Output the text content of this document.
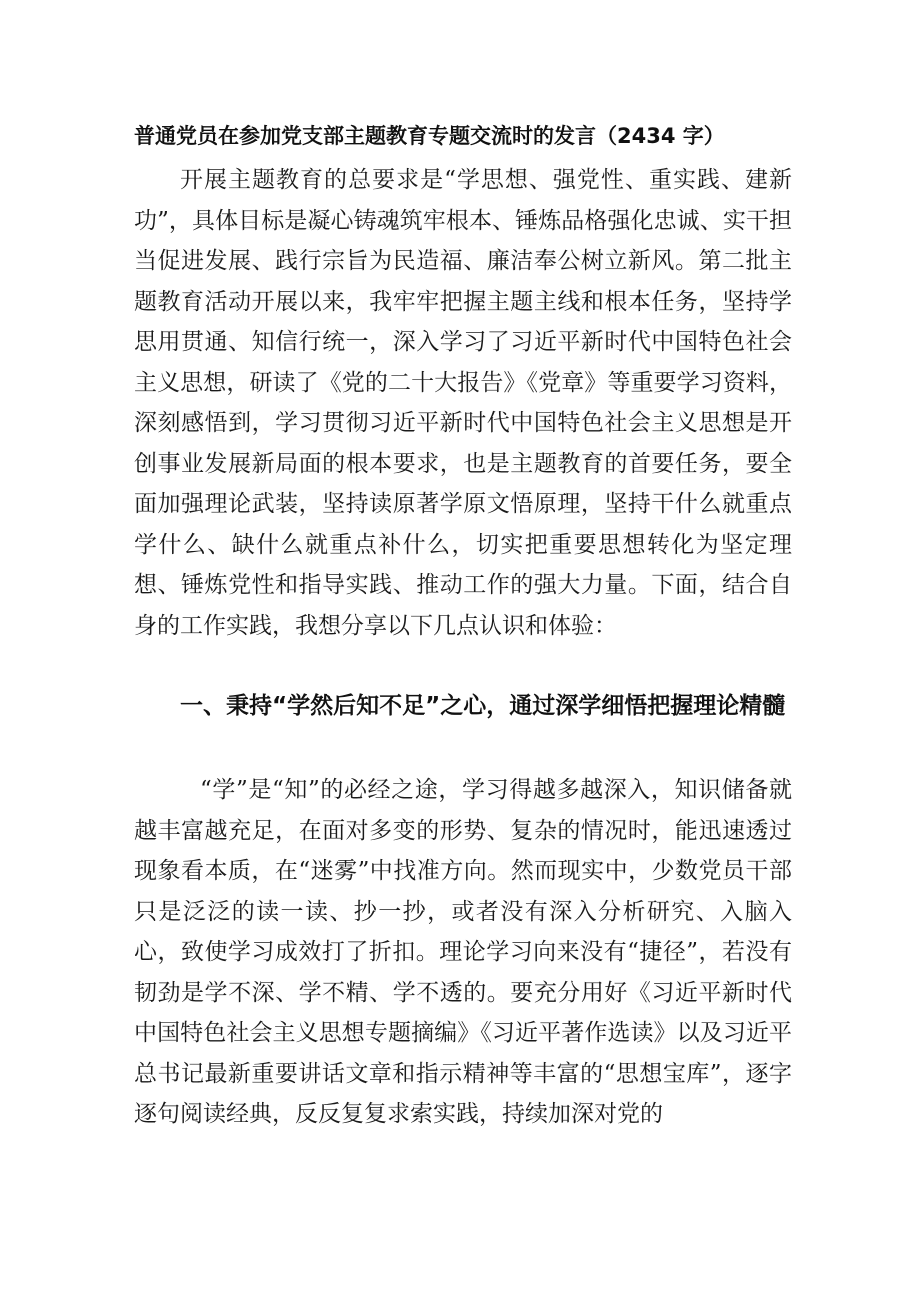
普通党员在参加党支部主题教育专题交流时的发言（2434 字）

开展主题教育的总要求是“学思想、强党性、重实践、建新功”，具体目标是凝心铸魂筑牢根本、锤炼品格强化忠诚、实干担当促进发展、践行宗旨为民造福、廉洁奉公树立新风。第二批主题教育活动开展以来，我牢牢把握主题主线和根本任务，坚持学思用贯通、知信行统一，深入学习了习近平新时代中国特色社会主义思想，研读了《党的二十大报告》《党章》等重要学习资料，深刻感悟到，学习贯彻习近平新时代中国特色社会主义思想是开创事业发展新局面的根本要求，也是主题教育的首要任务，要全面加强理论武装，坚持读原著学原文悟原理，坚持干什么就重点学什么、缺什么就重点补什么，切实把重要思想转化为坚定理想、锤炼党性和指导实践、推动工作的强大力量。下面，结合自身的工作实践，我想分享以下几点认识和体验：

一、秉持“学然后知不足”之心，通过深学细悟把握理论精髓

“学”是“知”的必经之途，学习得越多越深入，知识储备就越丰富越充足，在面对多变的形势、复杂的情况时，能迅速透过现象看本质，在“迷雾”中找准方向。然而现实中，少数党员干部只是泛泛的读一读、抄一抄，或者没有深入分析研究、入脑入心，致使学习成效打了折扣。理论学习向来没有“捷径”，若没有韧劲是学不深、学不精、学不透的。要充分用好《习近平新时代中国特色社会主义思想专题摘编》《习近平著作选读》以及习近平总书记最新重要讲话文章和指示精神等丰富的“思想宝库”，逐字逐句阅读经典，反反复复求索实践，持续加深对党的
